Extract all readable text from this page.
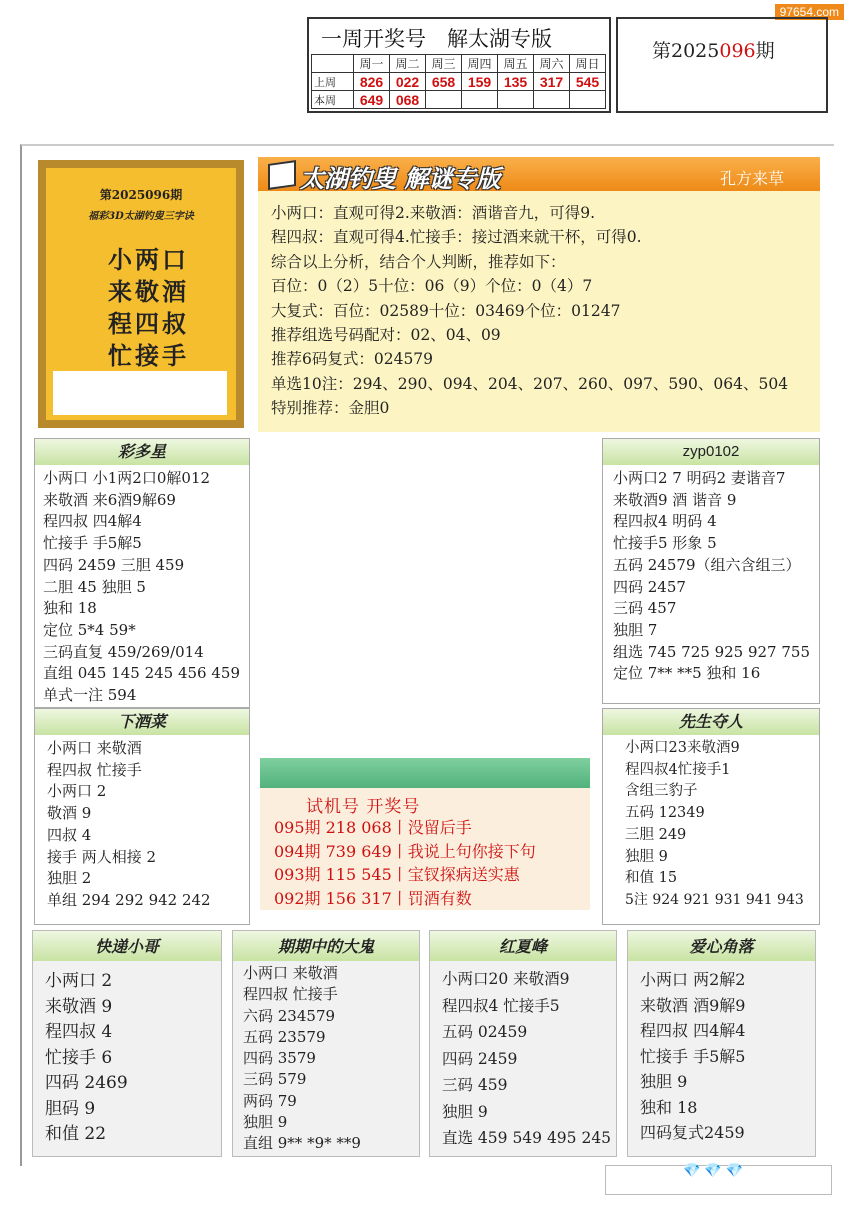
97654.com
一周开奖号　解太湖专版
	周一	周二	周三	周四	周五	周六	周日
上周	826	022	658	159	135	317	545
本周	649	068					
第2025096期
第2025096期
福彩3D太湖钓叟三字诀
小两口
来敬酒
程四叔
忙接手
太湖钓叟 解谜专版	孔方来草
小两口：直观可得2.来敬酒：酒谐音九，可得9.
程四叔：直观可得4.忙接手：接过酒来就干杯，可得0.
综合以上分析，结合个人判断，推荐如下：
百位：0（2）5十位：06（9）个位：0（4）7
大复式：百位：02589十位：03469个位：01247
推荐组选号码配对：02、04、09
推荐6码复式：024579
单选10注：294、290、094、204、207、260、097、590、064、504
特别推荐：金胆0
彩多星
小两口 小1两2口0解012
来敬酒 来6酒9解69
程四叔 四4解4
忙接手 手5解5
四码 2459 三胆 459
二胆 45 独胆 5
独和 18
定位 5*4 59*
三码直复 459/269/014
直组 045 145 245 456 459
单式一注 594
下酒菜
小两口 来敬酒
程四叔 忙接手
小两口 2
敬酒 9
四叔 4
接手 两人相接 2
独胆 2
单组 294 292 942 242
zyp0102
小两口2 7 明码2 妻谐音7
来敬酒9 酒 谐音 9
程四叔4 明码 4
忙接手5 形象 5
五码 24579（组六含组三）
四码 2457
三码 457
独胆 7
组选 745 725 925 927 755
定位 7** **5 独和 16
先生夺人
小两口23来敬酒9
程四叔4忙接手1
含组三豹子
五码 12349
三胆 249
独胆 9
和值 15
5注 924 921 931 941 943
试机号 开奖号
095期 218 068丨没留后手
094期 739 649丨我说上句你接下句
093期 115 545丨宝钗探病送实惠
092期 156 317丨罚酒有数
快递小哥
小两口 2
来敬酒 9
程四叔 4
忙接手 6
四码 2469
胆码 9
和值 22
期期中的大鬼
小两口 来敬酒
程四叔 忙接手
六码 234579
五码 23579
四码 3579
三码 579
两码 79
独胆 9
直组 9** *9* **9
红夏峰
小两口20 来敬酒9
程四叔4 忙接手5
五码 02459
四码 2459
三码 459
独胆 9
直选 459 549 495 245
爱心角落
小两口 两2解2
来敬酒 酒9解9
程四叔 四4解4
忙接手 手5解5
独胆 9
独和 18
四码复式2459
💎💎💎
